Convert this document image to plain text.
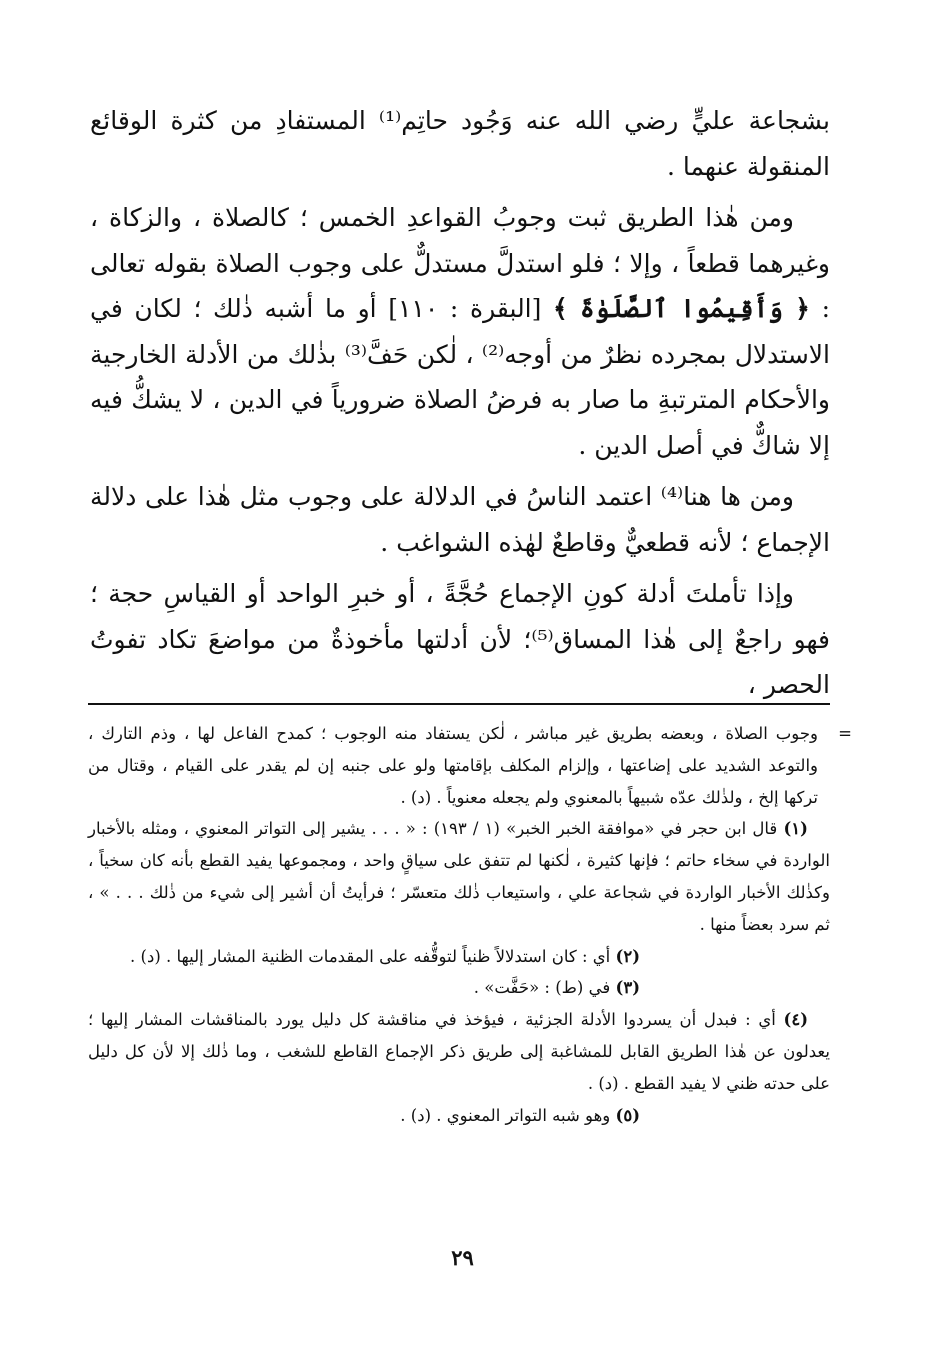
بشجاعة عليٍّ رضي الله عنه وَجُود حاتِم⁽¹⁾ المستفادِ من كثرة الوقائع المنقولة عنهما .

ومن هٰذا الطريق ثبت وجوبُ القواعدِ الخمس ؛ كالصلاة ، والزكاة ، وغيرهما قطعاً ، وإلا ؛ فلو استدلَّ مستدلٌّ على وجوب الصلاة بقوله تعالى : ﴿ وَأَقِيمُوا ٱلصَّلَوٰةَ ﴾ [البقرة : ١١٠] أو ما أشبه ذٰلك ؛ لكان في الاستدلال بمجرده نظرٌ من أوجه⁽²⁾ ، لٰكن حَفَّ⁽³⁾ بذٰلك من الأدلة الخارجية والأحكام المترتبةِ ما صار به فرضُ الصلاة ضرورياً في الدين ، لا يشكُّ فيه إلا شاكٌّ في أصل الدين .

ومن ها هنا⁽⁴⁾ اعتمد الناسُ في الدلالة على وجوب مثل هٰذا على دلالة الإجماع ؛ لأنه قطعيٌّ وقاطعٌ لهٰذه الشواغب .

وإذا تأملتَ أدلة كونِ الإجماع حُجَّةً ، أو خبرِ الواحد أو القياسِ حجة ؛ فهو راجعٌ إلى هٰذا المساق⁽⁵⁾؛ لأن أدلتها مأخوذةٌ من مواضعَ تكاد تفوتُ الحصر ،

=
وجوب الصلاة ، وبعضه بطريق غير مباشر ، لٰكن يستفاد منه الوجوب ؛ كمدح الفاعل لها ، وذم التارك ، والتوعد الشديد على إضاعتها ، وإلزام المكلف بإقامتها ولو على جنبه إن لم يقدر على القيام ، وقتال من تركها إلخ ، ولذٰلك عدّه شبيهاً بالمعنوي ولم يجعله معنوياً . (د) .

(١) قال ابن حجر في «موافقة الخبر الخبر» (١ / ١٩٣) : « . . . يشير إلى التواتر المعنوي ، ومثله بالأخبار الواردة في سخاء حاتم ؛ فإنها كثيرة ، لٰكنها لم تتفق على سياقٍ واحد ، ومجموعها يفيد القطع بأنه كان سخياً ، وكذٰلك الأخبار الواردة في شجاعة علي ، واستيعاب ذٰلك متعسّر ؛ فرأيتُ أن أشير إلى شيء من ذٰلك . . . » ، ثم سرد بعضاً منها .

(٢) أي : كان استدلالاً ظنياً لتوقُّفه على المقدمات الظنية المشار إليها . (د) .

(٣) في (ط) : «حَفَّت» .

(٤) أي : فبدل أن يسردوا الأدلة الجزئية ، فيؤخذ في مناقشة كل دليل يورد بالمناقشات المشار إليها ؛ يعدلون عن هٰذا الطريق القابل للمشاغبة إلى طريق ذكر الإجماع القاطع للشغب ، وما ذٰلك إلا لأن كل دليل على حدته ظني لا يفيد القطع . (د) .

(٥) وهو شبه التواتر المعنوي . (د) .

٢٩
